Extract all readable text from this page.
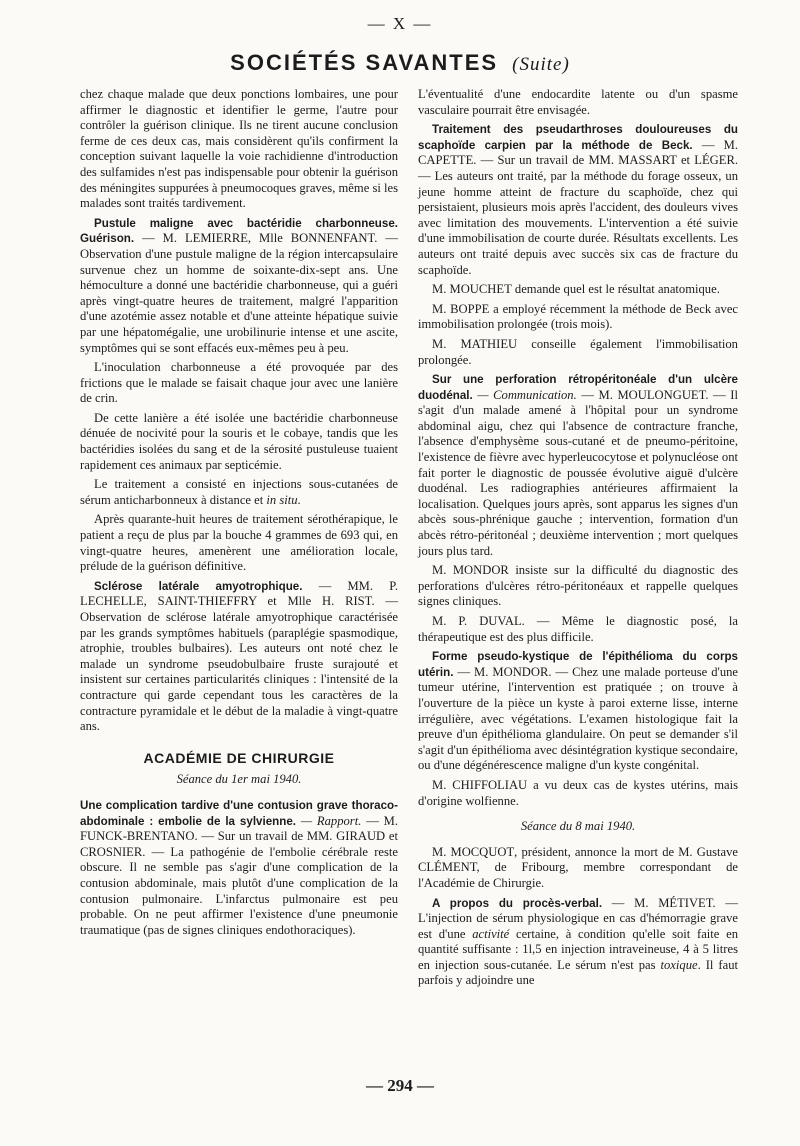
— X —
SOCIÉTÉS SAVANTES (Suite)

chez chaque malade que deux ponctions lombaires, une pour affirmer le diagnostic et identifier le germe, l'autre pour contrôler la guérison clinique. Ils ne tirent aucune conclusion ferme de ces deux cas, mais considèrent qu'ils confirment la conception suivant laquelle la voie rachidienne d'introduction des sulfamides n'est pas indispensable pour obtenir la guérison des méningites suppurées à pneumocoques graves, même si les malades sont traités tardivement.

Pustule maligne avec bactéridie charbonneuse. Guérison. — M. LEMIERRE, Mlle BONNENFANT. — Observation d'une pustule maligne de la région intercapsulaire survenue chez un homme de soixante-dix-sept ans. Une hémoculture a donné une bactéridie charbonneuse, qui a guéri après vingt-quatre heures de traitement, malgré l'apparition d'une azotémie assez notable et d'une atteinte hépatique suivie par une hépatomégalie, une urobilinurie intense et une ascite, symptômes qui se sont effacés eux-mêmes peu à peu.

L'inoculation charbonneuse a été provoquée par des frictions que le malade se faisait chaque jour avec une lanière de crin.

De cette lanière a été isolée une bactéridie charbonneuse dénuée de nocivité pour la souris et le cobaye, tandis que les bactéridies isolées du sang et de la sérosité pustuleuse tuaient rapidement ces animaux par septicémie.

Le traitement a consisté en injections sous-cutanées de sérum anticharbonneux à distance et in situ.

Après quarante-huit heures de traitement sérothérapique, le patient a reçu de plus par la bouche 4 grammes de 693 qui, en vingt-quatre heures, amenèrent une amélioration locale, prélude de la guérison définitive.

Sclérose latérale amyotrophique. — MM. P. LECHELLE, SAINT-THIEFFRY et Mlle H. RIST. — Observation de sclérose latérale amyotrophique caractérisée par les grands symptômes habituels (paraplégie spasmodique, atrophie, troubles bulbaires). Les auteurs ont noté chez le malade un syndrome pseudobulbaire fruste surajouté et insistent sur certaines particularités cliniques : l'intensité de la contracture qui garde cependant tous les caractères de la contracture pyramidale et le début de la maladie à vingt-quatre ans.

ACADÉMIE DE CHIRURGIE
Séance du 1er mai 1940.

Une complication tardive d'une contusion grave thoraco-abdominale : embolie de la sylvienne. — Rapport. — M. FUNCK-BRENTANO. — Sur un travail de MM. GIRAUD et CROSNIER. — La pathogénie de l'embolie cérébrale reste obscure. Il ne semble pas s'agir d'une complication de la contusion abdominale, mais plutôt d'une complication de la contusion pulmonaire. L'infarctus pulmonaire est peu probable. On ne peut affirmer l'existence d'une pneumonie traumatique (pas de signes cliniques endothoraciques).

L'éventualité d'une endocardite latente ou d'un spasme vasculaire pourrait être envisagée.

Traitement des pseudarthroses douloureuses du scaphoïde carpien par la méthode de Beck. — M. CAPETTE. — Sur un travail de MM. MASSART et LÉGER. — Les auteurs ont traité, par la méthode du forage osseux, un jeune homme atteint de fracture du scaphoïde, chez qui persistaient, plusieurs mois après l'accident, des douleurs vives avec limitation des mouvements. L'intervention a été suivie d'une immobilisation de courte durée. Résultats excellents. Les auteurs ont traité depuis avec succès six cas de fracture du scaphoïde.

M. MOUCHET demande quel est le résultat anatomique.

M. BOPPE a employé récemment la méthode de Beck avec immobilisation prolongée (trois mois).

M. MATHIEU conseille également l'immobilisation prolongée.

Sur une perforation rétropéritonéale d'un ulcère duodénal. — Communication. — M. MOULONGUET. — Il s'agit d'un malade amené à l'hôpital pour un syndrome abdominal aigu, chez qui l'absence de contracture franche, l'absence d'emphysème sous-cutané et de pneumo-péritoine, l'existence de fièvre avec hyperleucocytose et polynucléose ont fait porter le diagnostic de poussée évolutive aiguë d'ulcère duodénal. Les radiographies antérieures affirmaient la localisation. Quelques jours après, sont apparus les signes d'un abcès sous-phrénique gauche ; intervention, formation d'un abcès rétro-péritonéal ; deuxième intervention ; mort quelques jours plus tard.

M. MONDOR insiste sur la difficulté du diagnostic des perforations d'ulcères rétro-péritonéaux et rappelle quelques signes cliniques.

M. P. DUVAL. — Même le diagnostic posé, la thérapeutique est des plus difficile.

Forme pseudo-kystique de l'épithélioma du corps utérin. — M. MONDOR. — Chez une malade porteuse d'une tumeur utérine, l'intervention est pratiquée ; on trouve à l'ouverture de la pièce un kyste à paroi externe lisse, interne irrégulière, avec végétations. L'examen histologique fait la preuve d'un épithélioma glandulaire. On peut se demander s'il s'agit d'un épithélioma avec désintégration kystique secondaire, ou d'une dégénérescence maligne d'un kyste congénital.

M. CHIFFOLIAU a vu deux cas de kystes utérins, mais d'origine wolfienne.

Séance du 8 mai 1940.

M. MOCQUOT, président, annonce la mort de M. Gustave CLÉMENT, de Fribourg, membre correspondant de l'Académie de Chirurgie.

A propos du procès-verbal. — M. MÉTIVET. — L'injection de sérum physiologique en cas d'hémorragie grave est d'une activité certaine, à condition qu'elle soit faite en quantité suffisante : 1l,5 en injection intraveineuse, 4 à 5 litres en injection sous-cutanée. Le sérum n'est pas toxique. Il faut parfois y adjoindre une

— 294 —
